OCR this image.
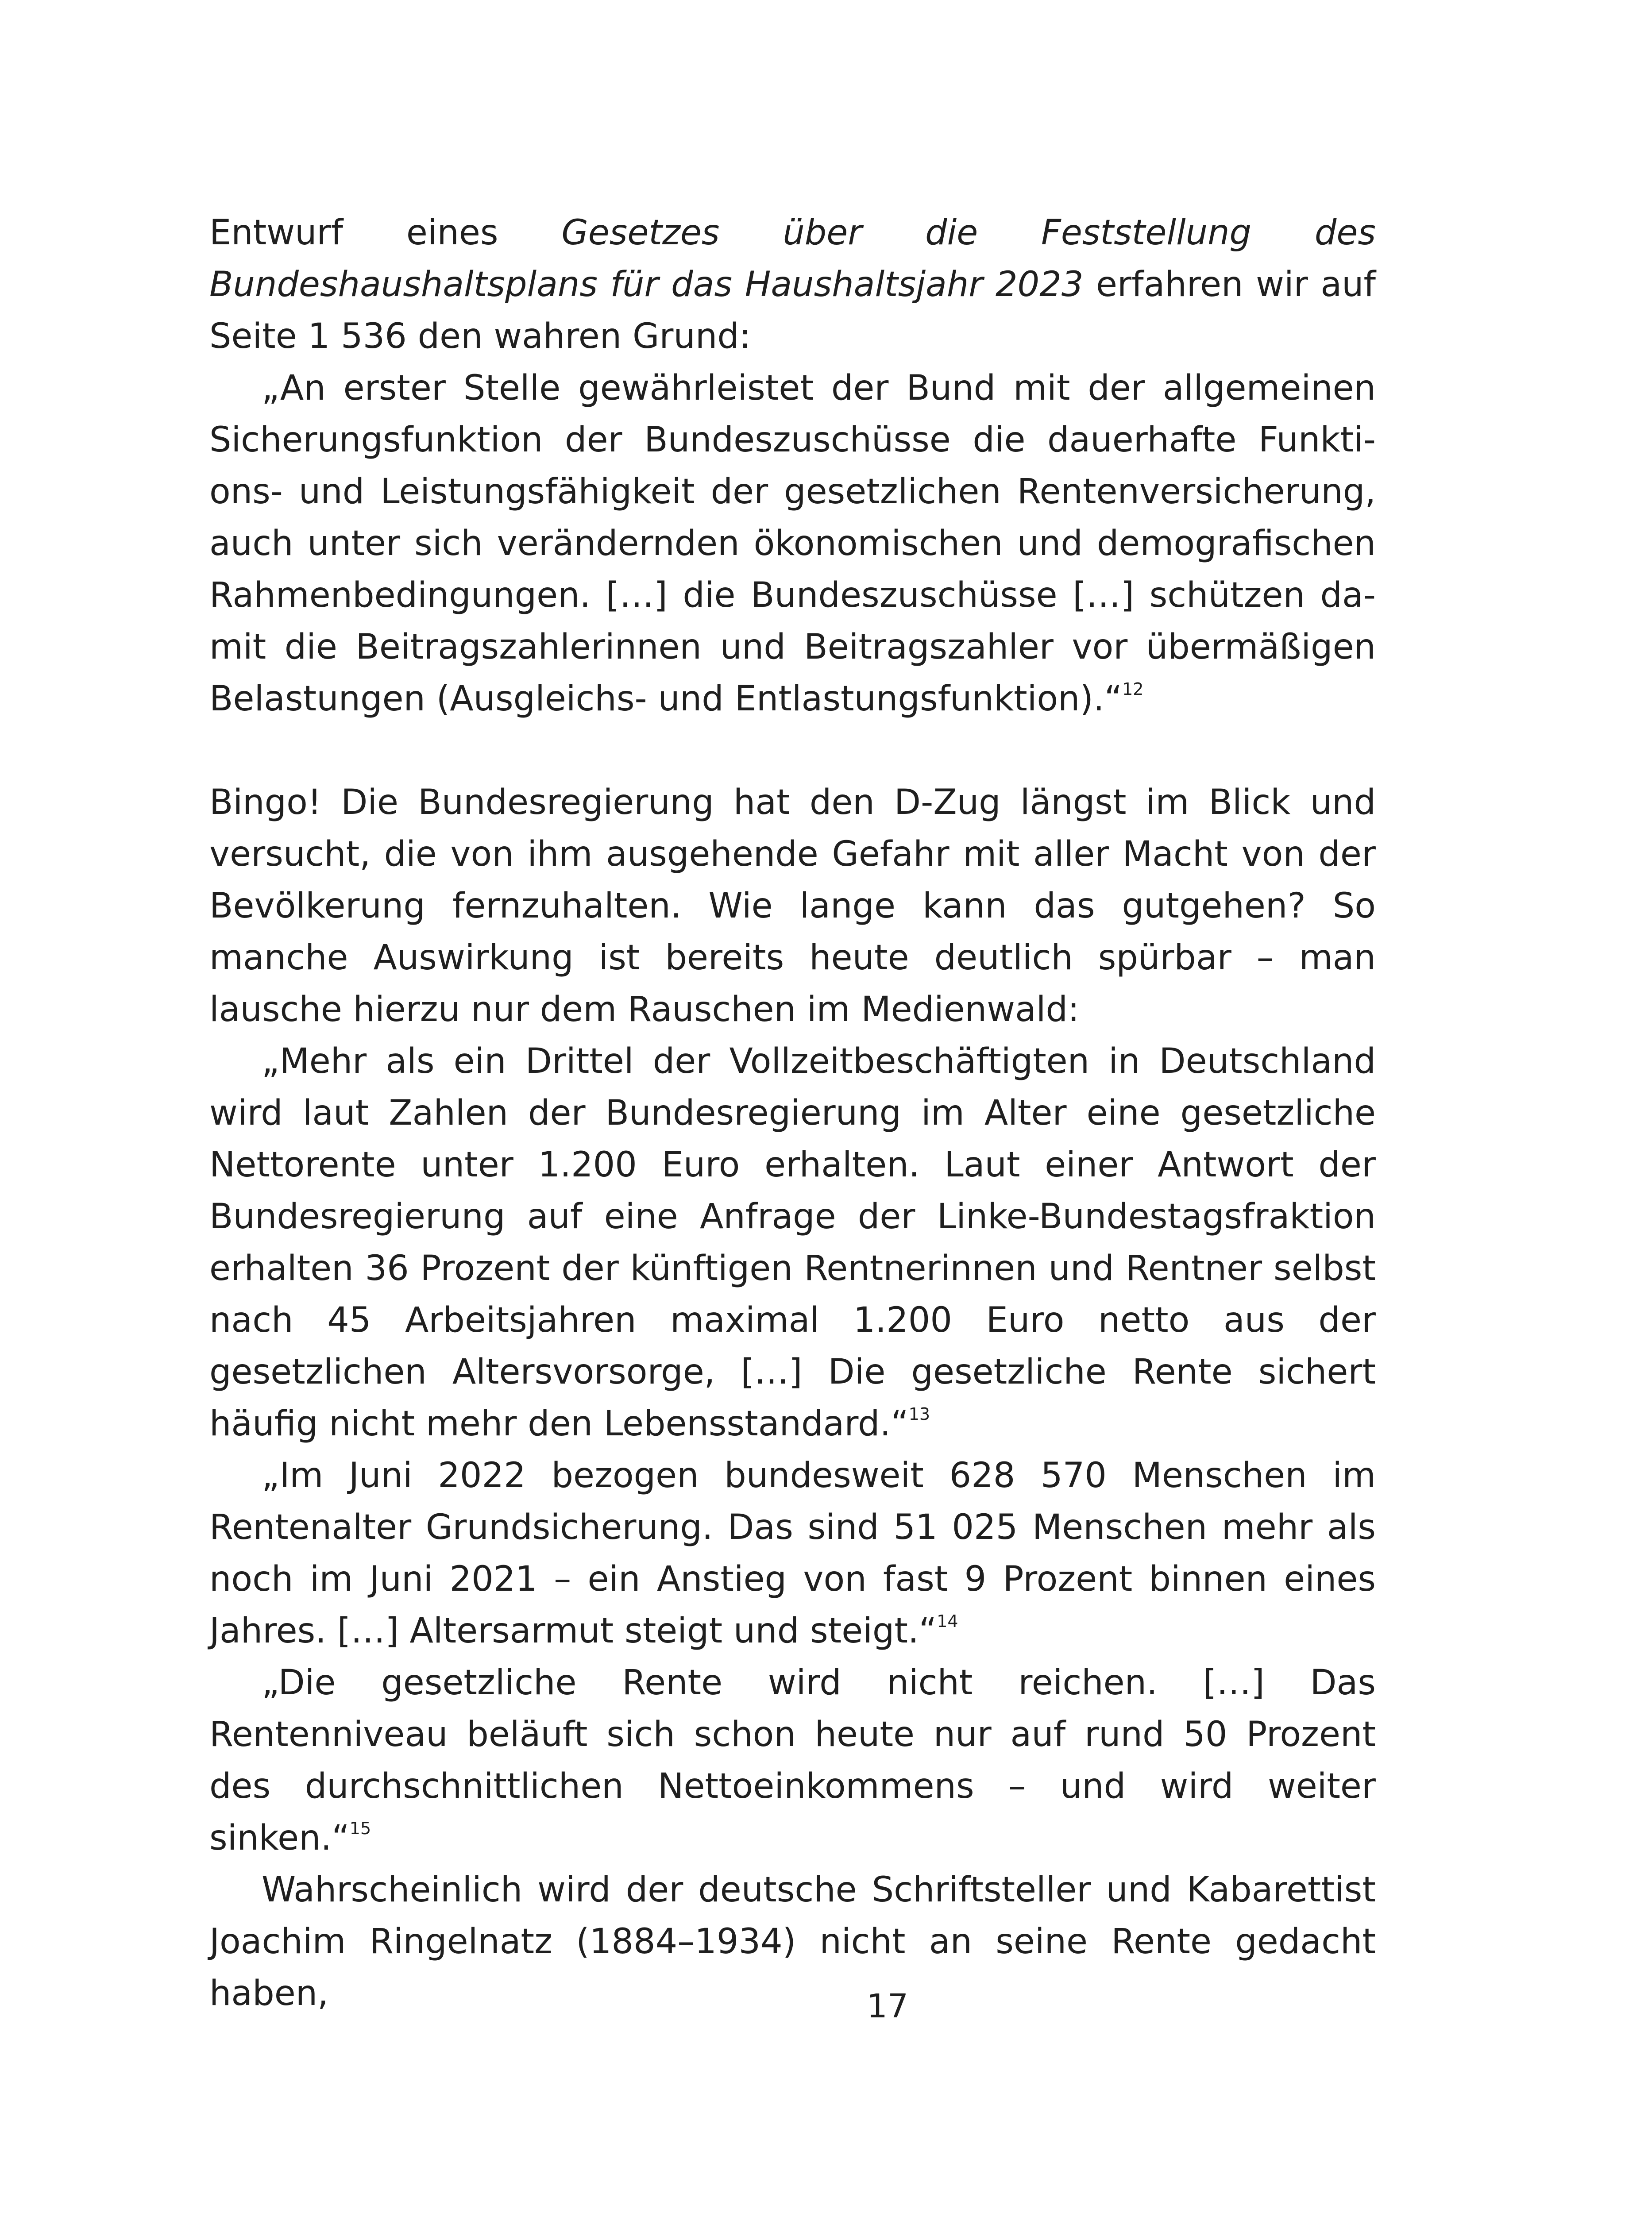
Entwurf eines Gesetzes über die Feststellung des Bundeshaushaltsplans für das Haushaltsjahr 2023 erfahren wir auf Seite 1 536 den wahren Grund:

„An erster Stelle gewährleistet der Bund mit der allgemeinen Sicherungsfunktion der Bundeszuschüsse die dauerhafte Funktions- und Leistungsfähigkeit der gesetzlichen Rentenversicherung, auch unter sich verändernden ökonomischen und demografischen Rahmenbedingungen. […] die Bundeszuschüsse […] schützen damit die Beitragszahlerinnen und Beitragszahler vor übermäßigen Belastungen (Ausgleichs- und Entlastungsfunktion).“$^{12}$

Bingo! Die Bundesregierung hat den D-Zug längst im Blick und versucht, die von ihm ausgehende Gefahr mit aller Macht von der Bevölkerung fernzuhalten. Wie lange kann das gutgehen? So manche Auswirkung ist bereits heute deutlich spürbar – man lausche hierzu nur dem Rauschen im Medienwald:

„Mehr als ein Drittel der Vollzeitbeschäftigten in Deutschland wird laut Zahlen der Bundesregierung im Alter eine gesetzliche Nettorente unter 1.200 Euro erhalten. Laut einer Antwort der Bundesregierung auf eine Anfrage der Linke-Bundestagsfraktion erhalten 36 Prozent der künftigen Rentnerinnen und Rentner selbst nach 45 Arbeitsjahren maximal 1.200 Euro netto aus der gesetzlichen Altersvorsorge, […] Die gesetzliche Rente sichert häufig nicht mehr den Lebensstandard.“$^{13}$

„Im Juni 2022 bezogen bundesweit 628 570 Menschen im Rentenalter Grundsicherung. Das sind 51 025 Menschen mehr als noch im Juni 2021 – ein Anstieg von fast 9 Prozent binnen eines Jahres. […] Altersarmut steigt und steigt.“$^{14}$

„Die gesetzliche Rente wird nicht reichen. […] Das Rentenniveau beläuft sich schon heute nur auf rund 50 Prozent des durchschnittlichen Nettoeinkommens – und wird weiter sinken.“$^{15}$

Wahrscheinlich wird der deutsche Schriftsteller und Kabarettist Joachim Ringelnatz (1884–1934) nicht an seine Rente gedacht haben,	17
